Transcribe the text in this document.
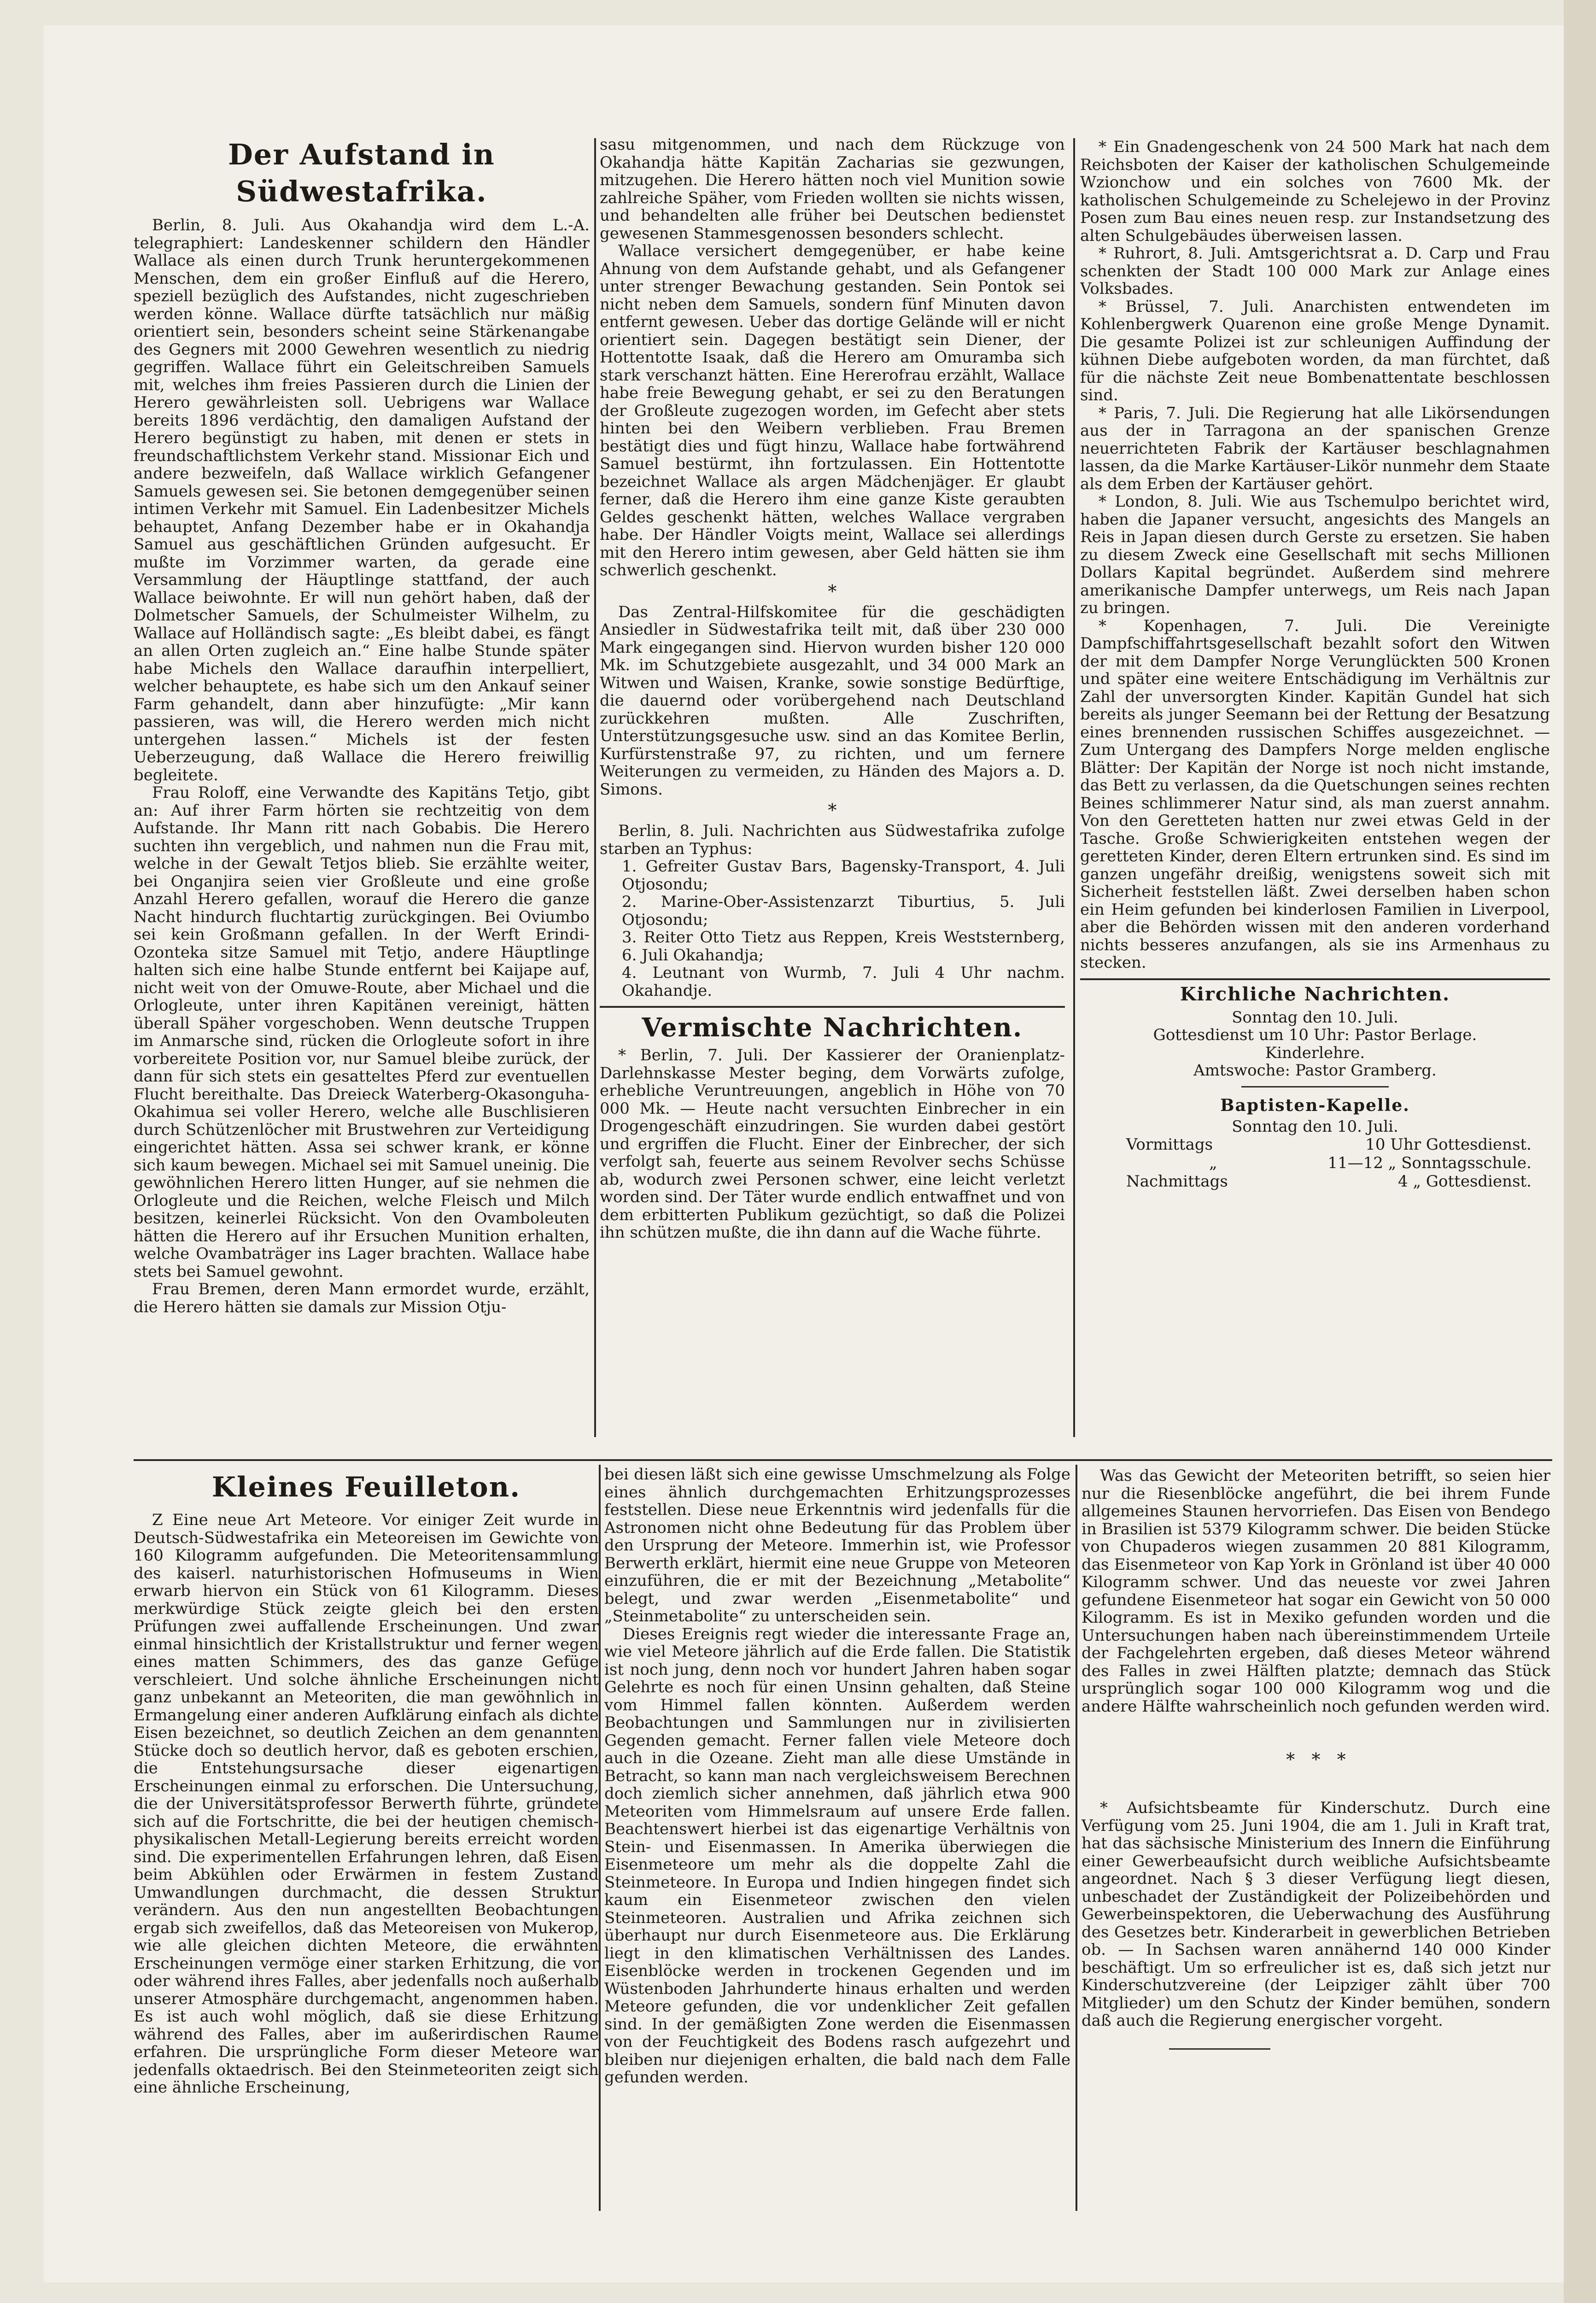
Der Aufstand in Südwestafrika.

Berlin, 8. Juli. Aus Okahandja wird dem L.-A. telegraphiert: Landeskenner schildern den Händler Wallace als einen durch Trunk heruntergekommenen Menschen, dem ein großer Einfluß auf die Herero, speziell bezüglich des Aufstandes, nicht zugeschrieben werden könne. Wallace dürfte tatsächlich nur mäßig orientiert sein, besonders scheint seine Stärkenangabe des Gegners mit 2000 Gewehren wesentlich zu niedrig gegriffen. Wallace führt ein Geleitschreiben Samuels mit, welches ihm freies Passieren durch die Linien der Herero gewährleisten soll. Uebrigens war Wallace bereits 1896 verdächtig, den damaligen Aufstand der Herero begünstigt zu haben, mit denen er stets in freundschaftlichstem Verkehr stand. Missionar Eich und andere bezweifeln, daß Wallace wirklich Gefangener Samuels gewesen sei. Sie betonen demgegenüber seinen intimen Verkehr mit Samuel. Ein Ladenbesitzer Michels behauptet, Anfang Dezember habe er in Okahandja Samuel aus geschäftlichen Gründen aufgesucht. Er mußte im Vorzimmer warten, da gerade eine Versammlung der Häuptlinge stattfand, der auch Wallace beiwohnte. Er will nun gehört haben, daß der Dolmetscher Samuels, der Schulmeister Wilhelm, zu Wallace auf Holländisch sagte: „Es bleibt dabei, es fängt an allen Orten zugleich an.“ Eine halbe Stunde später habe Michels den Wallace daraufhin interpelliert, welcher behauptete, es habe sich um den Ankauf seiner Farm gehandelt, dann aber hinzufügte: „Mir kann passieren, was will, die Herero werden mich nicht untergehen lassen.“ Michels ist der festen Ueberzeugung, daß Wallace die Herero freiwillig begleitete.

Frau Roloff, eine Verwandte des Kapitäns Tetjo, gibt an: Auf ihrer Farm hörten sie rechtzeitig von dem Aufstande. Ihr Mann ritt nach Gobabis. Die Herero suchten ihn vergeblich, und nahmen nun die Frau mit, welche in der Gewalt Tetjos blieb. Sie erzählte weiter, bei Onganjira seien vier Großleute und eine große Anzahl Herero gefallen, worauf die Herero die ganze Nacht hindurch fluchtartig zurückgingen. Bei Oviumbo sei kein Großmann gefallen. In der Werft Erindi-Ozonteka sitze Samuel mit Tetjo, andere Häuptlinge halten sich eine halbe Stunde entfernt bei Kaijape auf, nicht weit von der Omuwe-Route, aber Michael und die Orlogleute, unter ihren Kapitänen vereinigt, hätten überall Späher vorgeschoben. Wenn deutsche Truppen im Anmarsche sind, rücken die Orlogleute sofort in ihre vorbereitete Position vor, nur Samuel bleibe zurück, der dann für sich stets ein gesatteltes Pferd zur eventuellen Flucht bereithalte. Das Dreieck Waterberg-Okasonguha-Okahimua sei voller Herero, welche alle Buschlisieren durch Schützenlöcher mit Brustwehren zur Verteidigung eingerichtet hätten. Assa sei schwer krank, er könne sich kaum bewegen. Michael sei mit Samuel uneinig. Die gewöhnlichen Herero litten Hunger, auf sie nehmen die Orlogleute und die Reichen, welche Fleisch und Milch besitzen, keinerlei Rücksicht. Von den Ovamboleuten hätten die Herero auf ihr Ersuchen Munition erhalten, welche Ovambaträger ins Lager brachten. Wallace habe stets bei Samuel gewohnt.

Frau Bremen, deren Mann ermordet wurde, erzählt, die Herero hätten sie damals zur Mission Otju-

sasu mitgenommen, und nach dem Rückzuge von Okahandja hätte Kapitän Zacharias sie gezwungen, mitzugehen. Die Herero hätten noch viel Munition sowie zahlreiche Späher, vom Frieden wollten sie nichts wissen, und behandelten alle früher bei Deutschen bedienstet gewesenen Stammesgenossen besonders schlecht.

Wallace versichert demgegenüber, er habe keine Ahnung von dem Aufstande gehabt, und als Gefangener unter strenger Bewachung gestanden. Sein Pontok sei nicht neben dem Samuels, sondern fünf Minuten davon entfernt gewesen. Ueber das dortige Gelände will er nicht orientiert sein. Dagegen bestätigt sein Diener, der Hottentotte Isaak, daß die Herero am Omuramba sich stark verschanzt hätten. Eine Hererofrau erzählt, Wallace habe freie Bewegung gehabt, er sei zu den Beratungen der Großleute zugezogen worden, im Gefecht aber stets hinten bei den Weibern verblieben. Frau Bremen bestätigt dies und fügt hinzu, Wallace habe fortwährend Samuel bestürmt, ihn fortzulassen. Ein Hottentotte bezeichnet Wallace als argen Mädchenjäger. Er glaubt ferner, daß die Herero ihm eine ganze Kiste geraubten Geldes geschenkt hätten, welches Wallace vergraben habe. Der Händler Voigts meint, Wallace sei allerdings mit den Herero intim gewesen, aber Geld hätten sie ihm schwerlich geschenkt.

*

Das Zentral-Hilfskomitee für die geschädigten Ansiedler in Südwestafrika teilt mit, daß über 230 000 Mark eingegangen sind. Hiervon wurden bisher 120 000 Mk. im Schutzgebiete ausgezahlt, und 34 000 Mark an Witwen und Waisen, Kranke, sowie sonstige Bedürftige, die dauernd oder vorübergehend nach Deutschland zurückkehren mußten. Alle Zuschriften, Unterstützungsgesuche usw. sind an das Komitee Berlin, Kurfürstenstraße 97, zu richten, und um fernere Weiterungen zu vermeiden, zu Händen des Majors a. D. Simons.

*

Berlin, 8. Juli. Nachrichten aus Südwestafrika zufolge starben an Typhus:

1. Gefreiter Gustav Bars, Bagensky-Transport, 4. Juli Otjosondu;

2. Marine-Ober-Assistenzarzt Tiburtius, 5. Juli Otjosondu;

3. Reiter Otto Tietz aus Reppen, Kreis Weststernberg, 6. Juli Okahandja;

4. Leutnant von Wurmb, 7. Juli 4 Uhr nachm. Okahandje.

Vermischte Nachrichten.

* Berlin, 7. Juli. Der Kassierer der Oranienplatz-Darlehnskasse Mester beging, dem Vorwärts zufolge, erhebliche Veruntreuungen, angeblich in Höhe von 70 000 Mk. — Heute nacht versuchten Einbrecher in ein Drogengeschäft einzudringen. Sie wurden dabei gestört und ergriffen die Flucht. Einer der Einbrecher, der sich verfolgt sah, feuerte aus seinem Revolver sechs Schüsse ab, wodurch zwei Personen schwer, eine leicht verletzt worden sind. Der Täter wurde endlich entwaffnet und von dem erbitterten Publikum gezüchtigt, so daß die Polizei ihn schützen mußte, die ihn dann auf die Wache führte.

* Ein Gnadengeschenk von 24 500 Mark hat nach dem Reichsboten der Kaiser der katholischen Schulgemeinde Wzionchow und ein solches von 7600 Mk. der katholischen Schulgemeinde zu Schelejewo in der Provinz Posen zum Bau eines neuen resp. zur Instandsetzung des alten Schulgebäudes überweisen lassen.

* Ruhrort, 8. Juli. Amtsgerichtsrat a. D. Carp und Frau schenkten der Stadt 100 000 Mark zur Anlage eines Volksbades.

* Brüssel, 7. Juli. Anarchisten entwendeten im Kohlenbergwerk Quarenon eine große Menge Dynamit. Die gesamte Polizei ist zur schleunigen Auffindung der kühnen Diebe aufgeboten worden, da man fürchtet, daß für die nächste Zeit neue Bombenattentate beschlossen sind.

* Paris, 7. Juli. Die Regierung hat alle Likörsendungen aus der in Tarragona an der spanischen Grenze neuerrichteten Fabrik der Kartäuser beschlagnahmen lassen, da die Marke Kartäuser-Likör nunmehr dem Staate als dem Erben der Kartäuser gehört.

* London, 8. Juli. Wie aus Tschemulpo berichtet wird, haben die Japaner versucht, angesichts des Mangels an Reis in Japan diesen durch Gerste zu ersetzen. Sie haben zu diesem Zweck eine Gesellschaft mit sechs Millionen Dollars Kapital begründet. Außerdem sind mehrere amerikanische Dampfer unterwegs, um Reis nach Japan zu bringen.

* Kopenhagen, 7. Juli. Die Vereinigte Dampfschiffahrtsgesellschaft bezahlt sofort den Witwen der mit dem Dampfer Norge Verunglückten 500 Kronen und später eine weitere Entschädigung im Verhältnis zur Zahl der unversorgten Kinder. Kapitän Gundel hat sich bereits als junger Seemann bei der Rettung der Besatzung eines brennenden russischen Schiffes ausgezeichnet. — Zum Untergang des Dampfers Norge melden englische Blätter: Der Kapitän der Norge ist noch nicht imstande, das Bett zu verlassen, da die Quetschungen seines rechten Beines schlimmerer Natur sind, als man zuerst annahm. Von den Geretteten hatten nur zwei etwas Geld in der Tasche. Große Schwierigkeiten entstehen wegen der geretteten Kinder, deren Eltern ertrunken sind. Es sind im ganzen ungefähr dreißig, wenigstens soweit sich mit Sicherheit feststellen läßt. Zwei derselben haben schon ein Heim gefunden bei kinderlosen Familien in Liverpool, aber die Behörden wissen mit den anderen vorderhand nichts besseres anzufangen, als sie ins Armenhaus zu stecken.

Kirchliche Nachrichten.

Sonntag den 10. Juli.

Gottesdienst um 10 Uhr: Pastor Berlage.

Kinderlehre.

Amtswoche: Pastor Gramberg.

Baptisten-Kapelle.

Sonntag den 10. Juli.

Vormittags	10 Uhr Gottesdienst.
„	11—12 „ Sonntagsschule.
Nachmittags	4 „ Gottesdienst.
Kleines Feuilleton.

Z Eine neue Art Meteore. Vor einiger Zeit wurde in Deutsch-Südwestafrika ein Meteoreisen im Gewichte von 160 Kilogramm aufgefunden. Die Meteoritensammlung des kaiserl. naturhistorischen Hofmuseums in Wien erwarb hiervon ein Stück von 61 Kilogramm. Dieses merkwürdige Stück zeigte gleich bei den ersten Prüfungen zwei auffallende Erscheinungen. Und zwar einmal hinsichtlich der Kristallstruktur und ferner wegen eines matten Schimmers, des das ganze Gefüge verschleiert. Und solche ähnliche Erscheinungen nicht ganz unbekannt an Meteoriten, die man gewöhnlich in Ermangelung einer anderen Aufklärung einfach als dichte Eisen bezeichnet, so deutlich Zeichen an dem genannten Stücke doch so deutlich hervor, daß es geboten erschien, die Entstehungsursache dieser eigenartigen Erscheinungen einmal zu erforschen. Die Untersuchung, die der Universitätsprofessor Berwerth führte, gründete sich auf die Fortschritte, die bei der heutigen chemisch-physikalischen Metall-Legierung bereits erreicht worden sind. Die experimentellen Erfahrungen lehren, daß Eisen beim Abkühlen oder Erwärmen in festem Zustand Umwandlungen durchmacht, die dessen Struktur verändern. Aus den nun angestellten Beobachtungen ergab sich zweifellos, daß das Meteoreisen von Mukerop, wie alle gleichen dichten Meteore, die erwähnten Erscheinungen vermöge einer starken Erhitzung, die vor oder während ihres Falles, aber jedenfalls noch außerhalb unserer Atmosphäre durchgemacht, angenommen haben. Es ist auch wohl möglich, daß sie diese Erhitzung während des Falles, aber im außerirdischen Raume erfahren. Die ursprüngliche Form dieser Meteore war jedenfalls oktaedrisch. Bei den Steinmeteoriten zeigt sich eine ähnliche Erscheinung,

bei diesen läßt sich eine gewisse Umschmelzung als Folge eines ähnlich durchgemachten Erhitzungsprozesses feststellen. Diese neue Erkenntnis wird jedenfalls für die Astronomen nicht ohne Bedeutung für das Problem über den Ursprung der Meteore. Immerhin ist, wie Professor Berwerth erklärt, hiermit eine neue Gruppe von Meteoren einzuführen, die er mit der Bezeichnung „Metabolite“ belegt, und zwar werden „Eisenmetabolite“ und „Steinmetabolite“ zu unterscheiden sein.

Dieses Ereignis regt wieder die interessante Frage an, wie viel Meteore jährlich auf die Erde fallen. Die Statistik ist noch jung, denn noch vor hundert Jahren haben sogar Gelehrte es noch für einen Unsinn gehalten, daß Steine vom Himmel fallen könnten. Außerdem werden Beobachtungen und Sammlungen nur in zivilisierten Gegenden gemacht. Ferner fallen viele Meteore doch auch in die Ozeane. Zieht man alle diese Umstände in Betracht, so kann man nach vergleichsweisem Berechnen doch ziemlich sicher annehmen, daß jährlich etwa 900 Meteoriten vom Himmelsraum auf unsere Erde fallen. Beachtenswert hierbei ist das eigenartige Verhältnis von Stein- und Eisenmassen. In Amerika überwiegen die Eisenmeteore um mehr als die doppelte Zahl die Steinmeteore. In Europa und Indien hingegen findet sich kaum ein Eisenmeteor zwischen den vielen Steinmeteoren. Australien und Afrika zeichnen sich überhaupt nur durch Eisenmeteore aus. Die Erklärung liegt in den klimatischen Verhältnissen des Landes. Eisenblöcke werden in trockenen Gegenden und im Wüstenboden Jahrhunderte hinaus erhalten und werden Meteore gefunden, die vor undenklicher Zeit gefallen sind. In der gemäßigten Zone werden die Eisenmassen von der Feuchtigkeit des Bodens rasch aufgezehrt und bleiben nur diejenigen erhalten, die bald nach dem Falle gefunden werden.

Was das Gewicht der Meteoriten betrifft, so seien hier nur die Riesenblöcke angeführt, die bei ihrem Funde allgemeines Staunen hervorriefen. Das Eisen von Bendego in Brasilien ist 5379 Kilogramm schwer. Die beiden Stücke von Chupaderos wiegen zusammen 20 881 Kilogramm, das Eisenmeteor von Kap York in Grönland ist über 40 000 Kilogramm schwer. Und das neueste vor zwei Jahren gefundene Eisenmeteor hat sogar ein Gewicht von 50 000 Kilogramm. Es ist in Mexiko gefunden worden und die Untersuchungen haben nach übereinstimmendem Urteile der Fachgelehrten ergeben, daß dieses Meteor während des Falles in zwei Hälften platzte; demnach das Stück ursprünglich sogar 100 000 Kilogramm wog und die andere Hälfte wahrscheinlich noch gefunden werden wird.

*   *   *

* Aufsichtsbeamte für Kinderschutz. Durch eine Verfügung vom 25. Juni 1904, die am 1. Juli in Kraft trat, hat das sächsische Ministerium des Innern die Einführung einer Gewerbeaufsicht durch weibliche Aufsichtsbeamte angeordnet. Nach § 3 dieser Verfügung liegt diesen, unbeschadet der Zuständigkeit der Polizeibehörden und Gewerbeinspektoren, die Ueberwachung des Ausführung des Gesetzes betr. Kinderarbeit in gewerblichen Betrieben ob. — In Sachsen waren annähernd 140 000 Kinder beschäftigt. Um so erfreulicher ist es, daß sich jetzt nur Kinderschutzvereine (der Leipziger zählt über 700 Mitglieder) um den Schutz der Kinder bemühen, sondern daß auch die Regierung energischer vorgeht.
